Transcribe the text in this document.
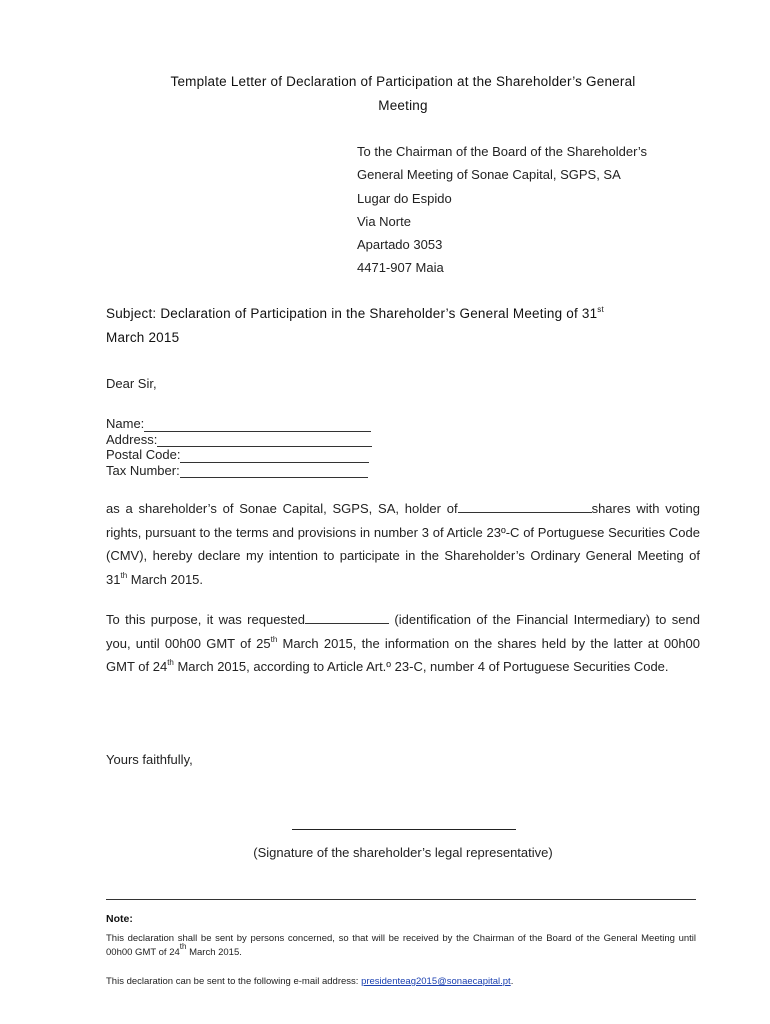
Template Letter of Declaration of Participation at the Shareholder’s General
Meeting
To the Chairman of the Board of the Shareholder’s
General Meeting of Sonae Capital, SGPS, SA
Lugar do Espido
Via Norte
Apartado 3053
4471-907 Maia
Subject: Declaration of Participation in the Shareholder’s General Meeting of 31st
March 2015
Dear Sir,
Name:
Address:
Postal Code:
Tax Number:
as a shareholder’s of Sonae Capital, SGPS, SA, holder of	shares with voting rights, pursuant to the terms and provisions in number 3 of Article 23º-C of Portuguese Securities Code (CMV), hereby declare my intention to participate in the Shareholder’s Ordinary General Meeting of 31th March 2015.
To this purpose, it was requested	(identification of the Financial Intermediary) to send you, until 00h00 GMT of 25th March 2015, the information on the shares held by the latter at 00h00 GMT of 24th March 2015, according to Article Art.º 23-C, number 4 of Portuguese Securities Code.
Yours faithfully,
(Signature of the shareholder’s legal representative)
Note:
This declaration shall be sent by persons concerned, so that will be received by the Chairman of the Board of the General Meeting until 00h00 GMT of 24th March 2015.
This declaration can be sent to the following e-mail address: presidenteag2015@sonaecapital.pt.
